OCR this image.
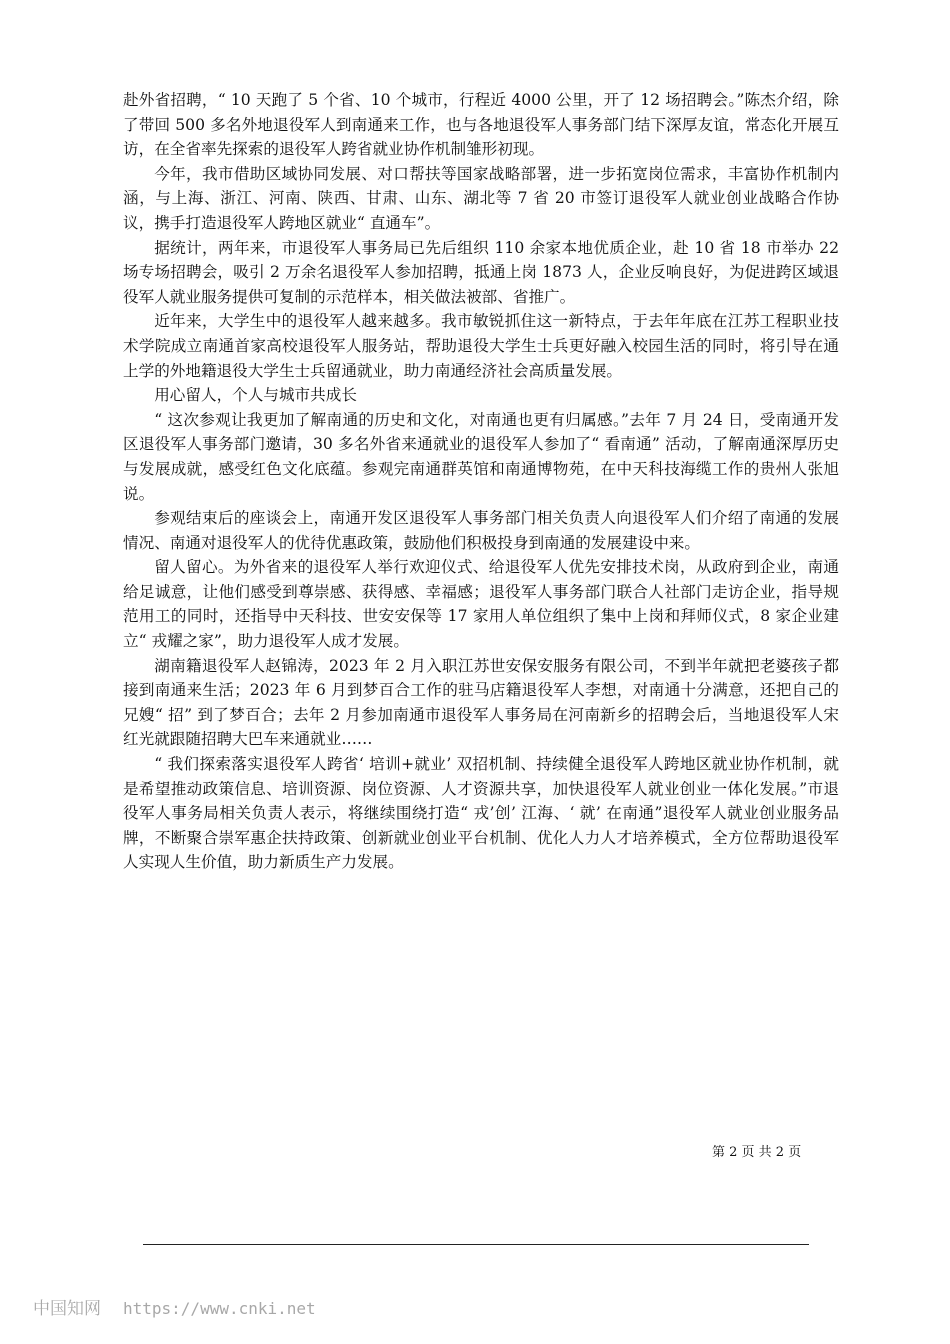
赴外省招聘，“ 10 天跑了 5 个省、10 个城市，行程近 4000 公里，开了 12 场招聘会。”陈杰介绍，除了带回 500 多名外地退役军人到南通来工作，也与各地退役军人事务部门结下深厚友谊，常态化开展互访，在全省率先探索的退役军人跨省就业协作机制雏形初现。

今年，我市借助区域协同发展、对口帮扶等国家战略部署，进一步拓宽岗位需求，丰富协作机制内涵，与上海、浙江、河南、陕西、甘肃、山东、湖北等 7 省 20 市签订退役军人就业创业战略合作协议，携手打造退役军人跨地区就业“ 直通车”。

据统计，两年来，市退役军人事务局已先后组织 110 余家本地优质企业，赴 10 省 18 市举办 22 场专场招聘会，吸引 2 万余名退役军人参加招聘，抵通上岗 1873 人，企业反响良好，为促进跨区域退役军人就业服务提供可复制的示范样本，相关做法被部、省推广。

近年来，大学生中的退役军人越来越多。我市敏锐抓住这一新特点，于去年年底在江苏工程职业技术学院成立南通首家高校退役军人服务站，帮助退役大学生士兵更好融入校园生活的同时，将引导在通上学的外地籍退役大学生士兵留通就业，助力南通经济社会高质量发展。

用心留人，个人与城市共成长

“ 这次参观让我更加了解南通的历史和文化，对南通也更有归属感。”去年 7 月 24 日，受南通开发区退役军人事务部门邀请，30 多名外省来通就业的退役军人参加了“ 看南通” 活动，了解南通深厚历史与发展成就，感受红色文化底蕴。参观完南通群英馆和南通博物苑，在中天科技海缆工作的贵州人张旭说。

参观结束后的座谈会上，南通开发区退役军人事务部门相关负责人向退役军人们介绍了南通的发展情况、南通对退役军人的优待优惠政策，鼓励他们积极投身到南通的发展建设中来。

留人留心。为外省来的退役军人举行欢迎仪式、给退役军人优先安排技术岗，从政府到企业，南通给足诚意，让他们感受到尊崇感、获得感、幸福感；退役军人事务部门联合人社部门走访企业，指导规范用工的同时，还指导中天科技、世安安保等 17 家用人单位组织了集中上岗和拜师仪式，8 家企业建立“ 戎耀之家”，助力退役军人成才发展。

湖南籍退役军人赵锦涛，2023 年 2 月入职江苏世安保安服务有限公司，不到半年就把老婆孩子都接到南通来生活；2023 年 6 月到梦百合工作的驻马店籍退役军人李想，对南通十分满意，还把自己的兄嫂“ 招” 到了梦百合；去年 2 月参加南通市退役军人事务局在河南新乡的招聘会后，当地退役军人宋红光就跟随招聘大巴车来通就业……

“ 我们探索落实退役军人跨省‘ 培训+就业’ 双招机制、持续健全退役军人跨地区就业协作机制，就是希望推动政策信息、培训资源、岗位资源、人才资源共享，加快退役军人就业创业一体化发展。”市退役军人事务局相关负责人表示，将继续围绕打造“ 戎’创’ 江海、‘ 就’ 在南通”退役军人就业创业服务品牌，不断聚合崇军惠企扶持政策、创新就业创业平台机制、优化人力人才培养模式，全方位帮助退役军人实现人生价值，助力新质生产力发展。

第 2 页 共 2 页
中国知网 https://www.cnki.net
